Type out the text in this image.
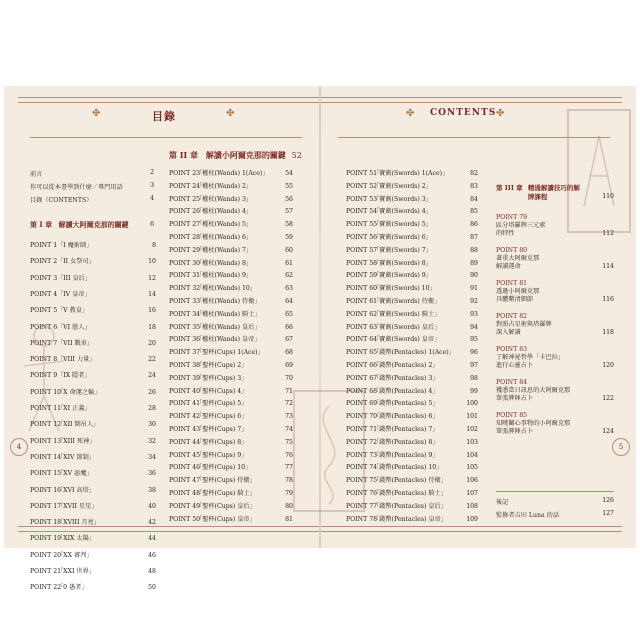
✤	目錄	✤	✤ CONTENTS ✤
第 II 章 解讀小阿爾克那的關鍵 52
前言	2
你可以從本書學到什麼／專門用語	3
目錄（CONTENTS）	4
第 I 章 解讀大阿爾克那的關鍵	6
POINT 1「I 魔術師」	8
POINT 2「II 女祭司」	10
POINT 3「III 皇后」	12
POINT 4「IV 皇帝」	14
POINT 5「V 教皇」	16
POINT 6「VI 戀人」	18
POINT 7「VII 戰車」	20
POINT 8「VIII 力量」	22
POINT 9「IX 隱者」	24
POINT 10「X 命運之輪」	26
POINT 11「XI 正義」	28
POINT 12「XII 倒吊人」	30
POINT 13「XIII 死神」	32
POINT 14「XIV 節制」	34
POINT 15「XV 惡魔」	36
POINT 16「XVI 高塔」	38
POINT 17「XVII 星星」	40
POINT 18「XVIII 月亮」	42
POINT 19「XIX 太陽」	44
POINT 20「XX 審判」	46
POINT 21「XXI 世界」	48
POINT 22「0 愚者」	50
POINT 23「權杖(Wands) 1(Ace)」	54
POINT 24「權杖(Wands) 2」	55
POINT 25「權杖(Wands) 3」	56
POINT 26「權杖(Wands) 4」	57
POINT 27「權杖(Wands) 5」	58
POINT 28「權杖(Wands) 6」	59
POINT 29「權杖(Wands) 7」	60
POINT 30「權杖(Wands) 8」	61
POINT 31「權杖(Wands) 9」	62
POINT 32「權杖(Wands) 10」	63
POINT 33「權杖(Wands) 侍衛」	64
POINT 34「權杖(Wands) 騎士」	65
POINT 35「權杖(Wands) 皇后」	66
POINT 36「權杖(Wands) 皇帝」	67
POINT 37「聖杯(Cups) 1(Ace)」	68
POINT 38「聖杯(Cups) 2」	69
POINT 39「聖杯(Cups) 3」	70
POINT 40「聖杯(Cups) 4」	71
POINT 41「聖杯(Cups) 5」	72
POINT 42「聖杯(Cups) 6」	73
POINT 43「聖杯(Cups) 7」	74
POINT 44「聖杯(Cups) 8」	75
POINT 45「聖杯(Cups) 9」	76
POINT 46「聖杯(Cups) 10」	77
POINT 47「聖杯(Cups) 侍衛」	78
POINT 48「聖杯(Cups) 騎士」	79
POINT 49「聖杯(Cups) 皇后」	80
POINT 50「聖杯(Cups) 皇帝」	81
POINT 51「寶劍(Swords) 1(Ace)」	82
POINT 52「寶劍(Swords) 2」	83
POINT 53「寶劍(Swords) 3」	84
POINT 54「寶劍(Swords) 4」	85
POINT 55「寶劍(Swords) 5」	86
POINT 56「寶劍(Swords) 6」	87
POINT 57「寶劍(Swords) 7」	88
POINT 58「寶劍(Swords) 8」	89
POINT 59「寶劍(Swords) 9」	90
POINT 60「寶劍(Swords) 10」	91
POINT 61「寶劍(Swords) 侍衛」	92
POINT 62「寶劍(Swords) 騎士」	93
POINT 63「寶劍(Swords) 皇后」	94
POINT 64「寶劍(Swords) 皇帝」	95
POINT 65「錢幣(Pentacles) 1(Ace)」	96
POINT 66「錢幣(Pentacles) 2」	97
POINT 67「錢幣(Pentacles) 3」	98
POINT 68「錢幣(Pentacles) 4」	99
POINT 69「錢幣(Pentacles) 5」	100
POINT 70「錢幣(Pentacles) 6」	101
POINT 71「錢幣(Pentacles) 7」	102
POINT 72「錢幣(Pentacles) 8」	103
POINT 73「錢幣(Pentacles) 9」	104
POINT 74「錢幣(Pentacles) 10」	105
POINT 75「錢幣(Pentacles) 侍衛」	106
POINT 76「錢幣(Pentacles) 騎士」	107
POINT 77「錢幣(Pentacles) 皇后」	108
POINT 78「錢幣(Pentacles) 皇帝」	109
第 III 章 精通解讀技巧的解牌課程	110
POINT 79
區分塔羅牌三元素
的特性	112
POINT 80
著重大阿爾克那
解讀運命	114
POINT 81
透過小阿爾克那
具體釐清細節	116
POINT 82
對照占星術與塔羅牌
深入解讀	118
POINT 83
了解神祕哲學「卡巴拉」
進行心靈占卜	120
POINT 84
獲悉當日訊息的大阿爾克那
單張牌陣占卜	122
POINT 85
知曉關心事物的小阿爾克那
單張牌陣占卜	124
後記	126
監修者吉田 Luna 的話	127
4	5
